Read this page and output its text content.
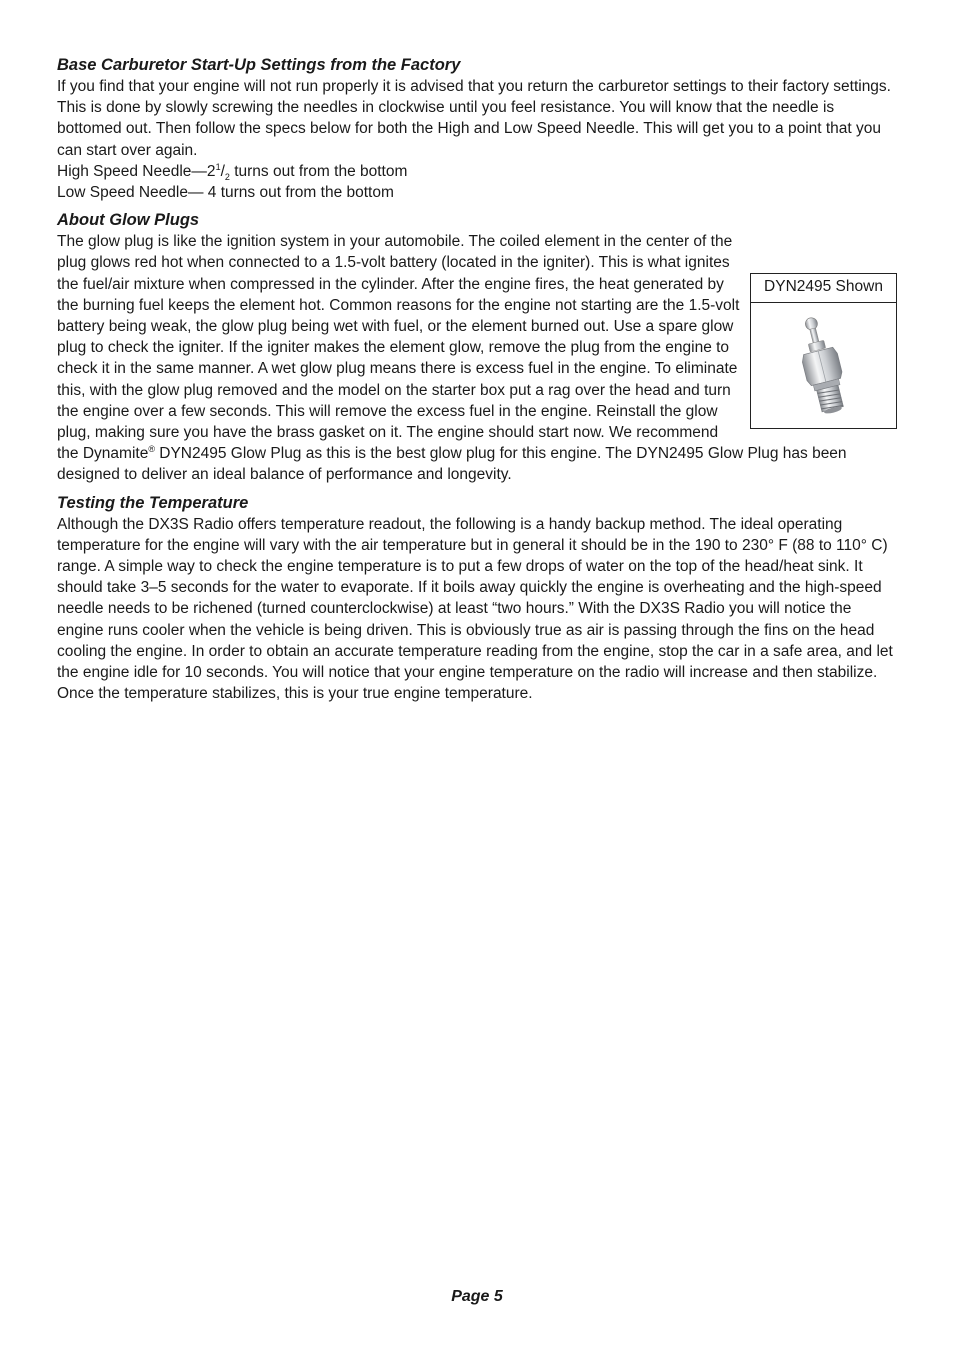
Base Carburetor Start-Up Settings from the Factory

If you find that your engine will not run properly it is advised that you return the carburetor settings to their factory settings. This is done by slowly screwing the needles in clockwise until you feel resistance. You will know that the needle is bottomed out. Then follow the specs below for both the High and Low Speed Needle. This will get you to a point that you can start over again.

High Speed $Needle—2^1/_2$ turns out from the bottom

Low Speed Needle— 4 turns out from the bottom

About Glow Plugs

DYN2495 Shown
The glow plug is like the ignition system in your automobile. The coiled element in the center of the plug glows red hot when connected to a 1.5-volt battery (located in the igniter). This is what ignites the fuel/air mixture when compressed in the cylinder. After the engine fires, the heat generated by the burning fuel keeps the element hot. Common reasons for the engine not starting are the 1.5-volt battery being weak, the glow plug being wet with fuel, or the element burned out. Use a spare glow plug to check the igniter. If the igniter makes the element glow, remove the plug from the engine to check it in the same manner. A wet glow plug means there is excess fuel in the engine. To eliminate this, with the glow plug removed and the model on the starter box put a rag over the head and turn the engine over a few seconds. This will remove the excess fuel in the engine. Reinstall the glow plug, making sure you have the brass gasket on it. The engine should start now. We recommend the Dynamite® DYN2495 Glow Plug as this is the best glow plug for this engine. The DYN2495 Glow Plug has been designed to deliver an ideal balance of performance and longevity.

Testing the Temperature

Although the DX3S Radio offers temperature readout, the following is a handy backup method. The ideal operating temperature for the engine will vary with the air temperature but in general it should be in the 190 to 230° F (88 to 110° C) range. A simple way to check the engine temperature is to put a few drops of water on the top of the head/heat sink. It should take 3–5 seconds for the water to evaporate. If it boils away quickly the engine is overheating and the high-speed needle needs to be richened (turned counterclockwise) at least “two hours.” With the DX3S Radio you will notice the engine runs cooler when the vehicle is being driven. This is obviously true as air is passing through the fins on the head cooling the engine. In order to obtain an accurate temperature reading from the engine, stop the car in a safe area, and let the engine idle for 10 seconds. You will notice that your engine temperature on the radio will increase and then stabilize. Once the temperature stabilizes, this is your true engine temperature.

Page 5
